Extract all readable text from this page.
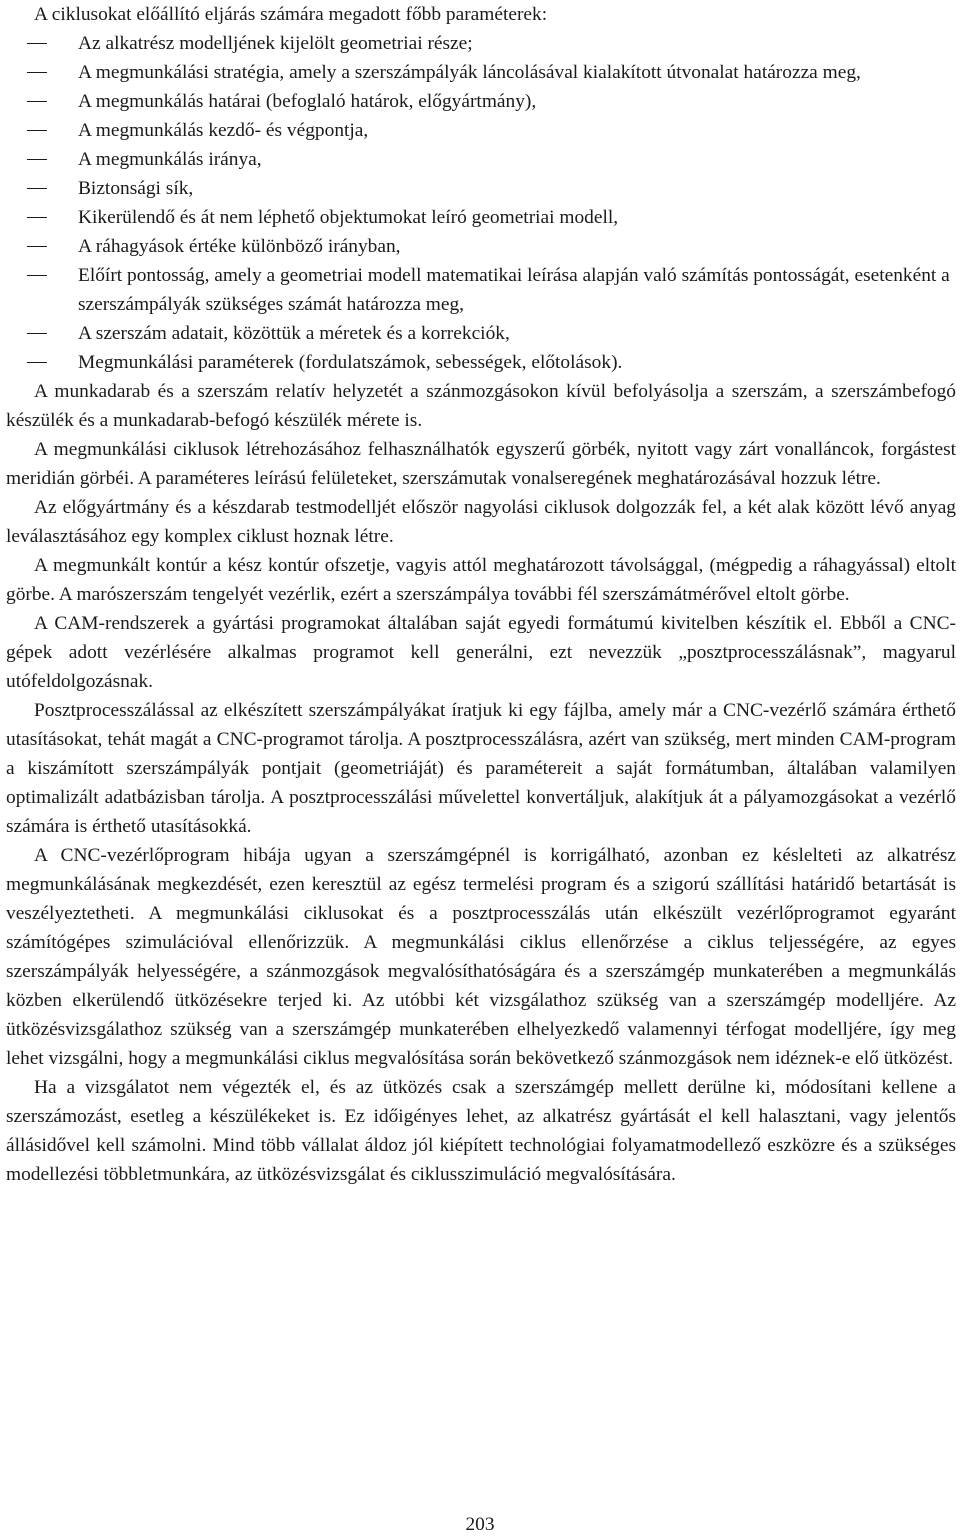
A ciklusokat előállító eljárás számára megadott főbb paraméterek:

Az alkatrész modelljének kijelölt geometriai része;
A megmunkálási stratégia, amely a szerszámpályák láncolásával kialakított útvonalat határozza meg,
A megmunkálás határai (befoglaló határok, előgyártmány),
A megmunkálás kezdő- és végpontja,
A megmunkálás iránya,
Biztonsági sík,
Kikerülendő és át nem léphető objektumokat leíró geometriai modell,
A ráhagyások értéke különböző irányban,
Előírt pontosság, amely a geometriai modell matematikai leírása alapján való számítás pontosságát, esetenként a szerszámpályák szükséges számát határozza meg,
A szerszám adatait, közöttük a méretek és a korrekciók,
Megmunkálási paraméterek (fordulatszámok, sebességek, előtolások).

A munkadarab és a szerszám relatív helyzetét a szánmozgásokon kívül befolyásolja a szerszám, a szerszámbefogó készülék és a munkadarab-befogó készülék mérete is.

A megmunkálási ciklusok létrehozásához felhasználhatók egyszerű görbék, nyitott vagy zárt vonalláncok, forgástest meridián görbéi. A paraméteres leírású felületeket, szerszámutak vonalseregének meghatározásával hozzuk létre.

Az előgyártmány és a készdarab testmodelljét először nagyolási ciklusok dolgozzák fel, a két alak között lévő anyag leválasztásához egy komplex ciklust hoznak létre.

A megmunkált kontúr a kész kontúr ofszetje, vagyis attól meghatározott távolsággal, (mégpedig a ráhagyással) eltolt görbe. A marószerszám tengelyét vezérlik, ezért a szerszámpálya további fél szerszámátmérővel eltolt görbe.

A CAM-rendszerek a gyártási programokat általában saját egyedi formátumú kivitelben készítik el. Ebből a CNC-gépek adott vezérlésére alkalmas programot kell generálni, ezt nevezzük „posztprocesszálásnak”, magyarul utófeldolgozásnak.

Posztprocesszálással az elkészített szerszámpályákat íratjuk ki egy fájlba, amely már a CNC-vezérlő számára érthető utasításokat, tehát magát a CNC-programot tárolja. A posztprocesszálásra, azért van szükség, mert minden CAM-program a kiszámított szerszámpályák pontjait (geometriáját) és paramétereit a saját formátumban, általában valamilyen optimalizált adatbázisban tárolja. A posztprocesszálási művelettel konvertáljuk, alakítjuk át a pályamozgásokat a vezérlő számára is érthető utasításokká.

A CNC-vezérlőprogram hibája ugyan a szerszámgépnél is korrigálható, azonban ez késlelteti az alkatrész megmunkálásának megkezdését, ezen keresztül az egész termelési program és a szigorú szállítási határidő betartását is veszélyeztetheti. A megmunkálási ciklusokat és a posztprocesszálás után elkészült vezérlőprogramot egyaránt számítógépes szimulációval ellenőrizzük. A megmunkálási ciklus ellenőrzése a ciklus teljességére, az egyes szerszámpályák helyességére, a szánmozgások megvalósíthatóságára és a szerszámgép munkaterében a megmunkálás közben elkerülendő ütközésekre terjed ki. Az utóbbi két vizsgálathoz szükség van a szerszámgép modelljére. Az ütközésvizsgálathoz szükség van a szerszámgép munkaterében elhelyezkedő valamennyi térfogat modelljére, így meg lehet vizsgálni, hogy a megmunkálási ciklus megvalósítása során bekövetkező szánmozgások nem idéznek-e elő ütközést.

Ha a vizsgálatot nem végezték el, és az ütközés csak a szerszámgép mellett derülne ki, módosítani kellene a szerszámozást, esetleg a készülékeket is. Ez időigényes lehet, az alkatrész gyártását el kell halasztani, vagy jelentős állásidővel kell számolni. Mind több vállalat áldoz jól kiépített technológiai folyamatmodellező eszközre és a szükséges modellezési többletmunkára, az ütközésvizsgálat és ciklusszimuláció megvalósítására.

203
